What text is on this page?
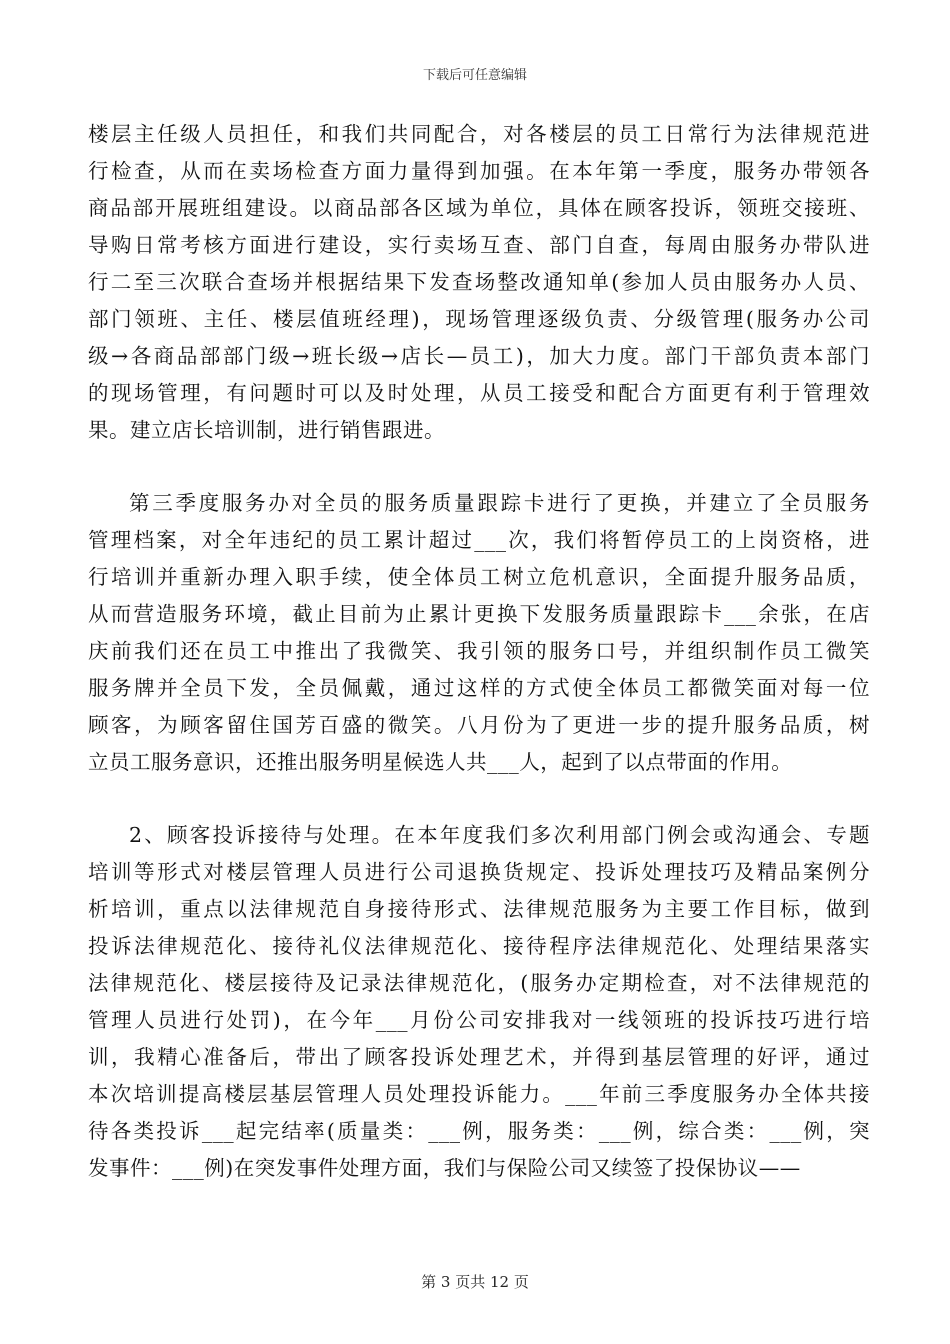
下载后可任意编辑
楼层主任级人员担任，和我们共同配合，对各楼层的员工日常行为法律规范进
行检查，从而在卖场检查方面力量得到加强。在本年第一季度，服务办带领各
商品部开展班组建设。以商品部各区域为单位，具体在顾客投诉，领班交接班、
导购日常考核方面进行建设，实行卖场互查、部门自查，每周由服务办带队进
行二至三次联合查场并根据结果下发查场整改通知单(参加人员由服务办人员、
部门领班、主任、楼层值班经理)，现场管理逐级负责、分级管理(服务办公司
级→各商品部部门级→班长级→店长—员工)，加大力度。部门干部负责本部门
的现场管理，有问题时可以及时处理，从员工接受和配合方面更有利于管理效
果。建立店长培训制，进行销售跟进。
第三季度服务办对全员的服务质量跟踪卡进行了更换，并建立了全员服务
管理档案，对全年违纪的员工累计超过___次，我们将暂停员工的上岗资格，进
行培训并重新办理入职手续，使全体员工树立危机意识，全面提升服务品质，
从而营造服务环境，截止目前为止累计更换下发服务质量跟踪卡___余张，在店
庆前我们还在员工中推出了我微笑、我引领的服务口号，并组织制作员工微笑
服务牌并全员下发，全员佩戴，通过这样的方式使全体员工都微笑面对每一位
顾客，为顾客留住国芳百盛的微笑。八月份为了更进一步的提升服务品质，树
立员工服务意识，还推出服务明星候选人共___人，起到了以点带面的作用。
2、顾客投诉接待与处理。在本年度我们多次利用部门例会或沟通会、专题
培训等形式对楼层管理人员进行公司退换货规定、投诉处理技巧及精品案例分
析培训，重点以法律规范自身接待形式、法律规范服务为主要工作目标，做到
投诉法律规范化、接待礼仪法律规范化、接待程序法律规范化、处理结果落实
法律规范化、楼层接待及记录法律规范化，(服务办定期检查，对不法律规范的
管理人员进行处罚)，在今年___月份公司安排我对一线领班的投诉技巧进行培
训，我精心准备后，带出了顾客投诉处理艺术，并得到基层管理的好评，通过
本次培训提高楼层基层管理人员处理投诉能力。___年前三季度服务办全体共接
待各类投诉___起完结率(质量类：___例，服务类：___例，综合类：___例，突
发事件：___例)在突发事件处理方面，我们与保险公司又续签了投保协议——
第 3 页共 12 页
